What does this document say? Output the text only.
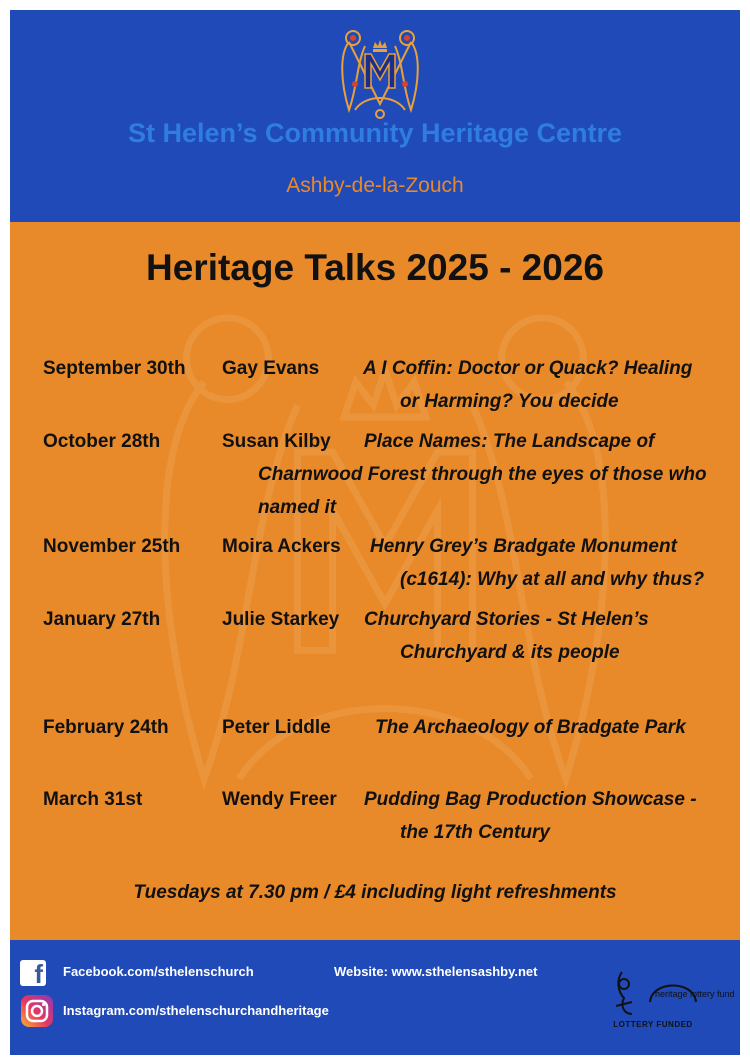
St Helen’s Community Heritage Centre
Ashby-de-la-Zouch
Heritage Talks 2025 - 2026
September 30th Gay Evans A I Coffin: Doctor or Quack? Healing
or Harming? You decide
October 28th	Susan Kilby Place Names: The Landscape of
Charnwood Forest through the eyes of those who
named it
November 25th Moira Ackers Henry Grey’s Bradgate Monument
(c1614): Why at all and why thus?
January 27th	Julie Starkey Churchyard Stories - St Helen’s
Churchyard & its people
February 24th	Peter Liddle The Archaeology of Bradgate Park
March 31st	Wendy Freer Pudding Bag Production Showcase -
the 17th Century
Tuesdays at 7.30 pm / £4 including light refreshments
f Facebook.com/sthelenschurch
Instagram.com/sthelenschurchandheritage
Website: www.sthelensashby.net
heritage lottery fund
LOTTERY FUNDED
